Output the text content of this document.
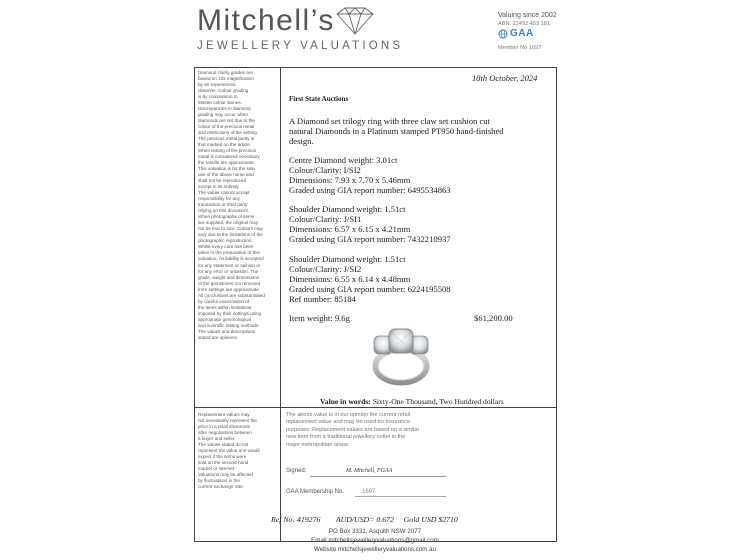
Mitchell’s
JEWELLERY VALUATIONS
Valuing since 2002
ABN: 22492 453 181
GAA
Member No 1697
Diamond clarity grades are
based on 10x magnification
by an experienced
observer. Colour grading
is by comparison to
Master colour stones.
Discrepancies in diamond
grading may occur when
diamonds are set due to the
colour of the precious metal
and restrictions of the setting.
The precious metal purity is
that marked on the article.
When testing of the precious
metal is considered necessary
the results are approximate.
This valuation is for the sole
use of the above name and
shall not be reproduced
except in its entirety.
The valuer cannot accept
responsibility for any
transaction or third party
relying on this document.
When photographs of items
are supplied, the original may
not be true to size. Colours may
vary due to the limitations of the
photographic reproduction.
Whilst every care has been
taken in the preparation of this
valuation, no liability is accepted
for any statement or opinion or
for any error or omission. The
grade, weight and dimensions
of the gemstones not removed
from settings are approximate.
All conclusions are substantiated
by careful examination of
the items within limitations
imposed by their settings using
appropriate gemmological
and scientific testing methods.
The values and descriptions
stated are opinions.
Replacement values may
not necessarily represent the
price in a retail showroom
after negotiations between
a buyer and seller.
The values stated do not
represent the value one would
expect if the items were
sold on the second-hand
market or internet.
Valuations may be affected
by fluctuations in the
current exchange rate.
18th October, 2024
First State Auctions
A Diamond set trilogy ring with three claw set cushion cut
natural Diamonds in a Platinum stamped PT950 hand-finished
design.
Centre Diamond weight: 3.01ct
Colour/Clarity: I/SI2
Dimensions: 7.93 x 7.70 x 5.46mm
Graded using GIA report number: 6495534863
Shoulder Diamond weight: 1.51ct
Colour/Clarity: J/SI1
Dimensions: 6.57 x 6.15 x 4.21mm
Graded using GIA report number: 7432210937
Shoulder Diamond weight: 1.51ct
Colour/Clarity: J/SI2
Dimensions: 6.55 x 6.14 x 4.48mm
Graded using GIA report number: 6224195508
Ref number: 85184
Item weight: 9.6g	$61,200.00
Value in words: Sixty-One Thousand, Two Hundred dollars
The above value is in our opinion the current retail
replacement value and may be used for insurance
purposes. Replacement values are based on a similar
new item from a traditional jewellery outlet in the
major metropolitan areas.
Signed:	M. Mitchell, FGAA
GAA Membership No.	1697
Ref No: 419276        AUD/USD= 0.672     Gold USD $2710
PO Box 3331, Asquith NSW 2077
Email mitchellsjewelleryvaluations@gmail.com
Website mitchellsjewelleryvaluations.com.au
